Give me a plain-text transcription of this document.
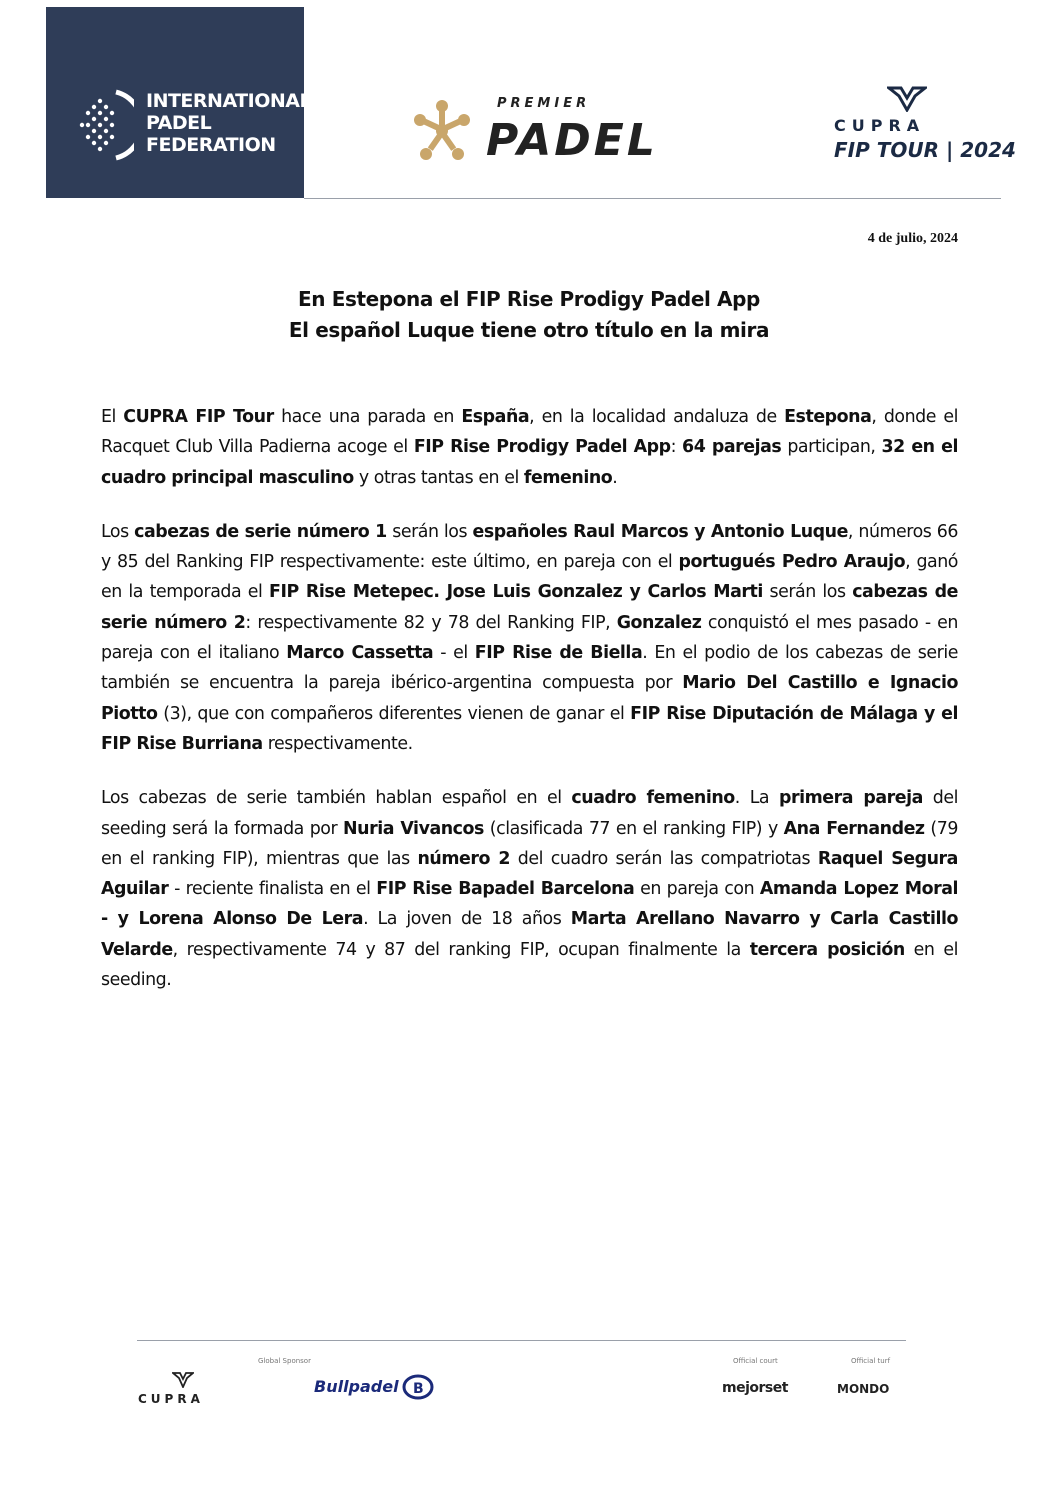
INTERNATIONAL
PADEL
FEDERATION
PREMIER
PADEL	CUPRA
FIP TOUR | 2024
4 de julio, 2024
En Estepona el FIP Rise Prodigy Padel App
El español Luque tiene otro título en la mira

El CUPRA FIP Tour hace una parada en España, en la localidad andaluza de Estepona, donde el Racquet Club Villa Padierna acoge el FIP Rise Prodigy Padel App: 64 parejas participan, 32 en el cuadro principal masculino y otras tantas en el femenino.

Los cabezas de serie número 1 serán los españoles Raul Marcos y Antonio Luque, números 66 y 85 del Ranking FIP respectivamente: este último, en pareja con el portugués Pedro Araujo, ganó en la temporada el FIP Rise Metepec. Jose Luis Gonzalez y Carlos Marti serán los cabezas de serie número 2: respectivamente 82 y 78 del Ranking FIP, Gonzalez conquistó el mes pasado - en pareja con el italiano Marco Cassetta - el FIP Rise de Biella. En el podio de los cabezas de serie también se encuentra la pareja ibérico-argentina compuesta por Mario Del Castillo e Ignacio Piotto (3), que con compañeros diferentes vienen de ganar el FIP Rise Diputación de Málaga y el FIP Rise Burriana respectivamente.

Los cabezas de serie también hablan español en el cuadro femenino. La primera pareja del seeding será la formada por Nuria Vivancos (clasificada 77 en el ranking FIP) y Ana Fernandez (79 en el ranking FIP), mientras que las número 2 del cuadro serán las compatriotas Raquel Segura Aguilar - reciente finalista en el FIP Rise Bapadel Barcelona en pareja con Amanda Lopez Moral - y Lorena Alonso De Lera. La joven de 18 años Marta Arellano Navarro y Carla Castillo Velarde, respectivamente 74 y 87 del ranking FIP, ocupan finalmente la tercera posición en el seeding.

CUPRA
Global Sponsor
Bullpadel B
Official court
mejorset
Official turf
MONDO
